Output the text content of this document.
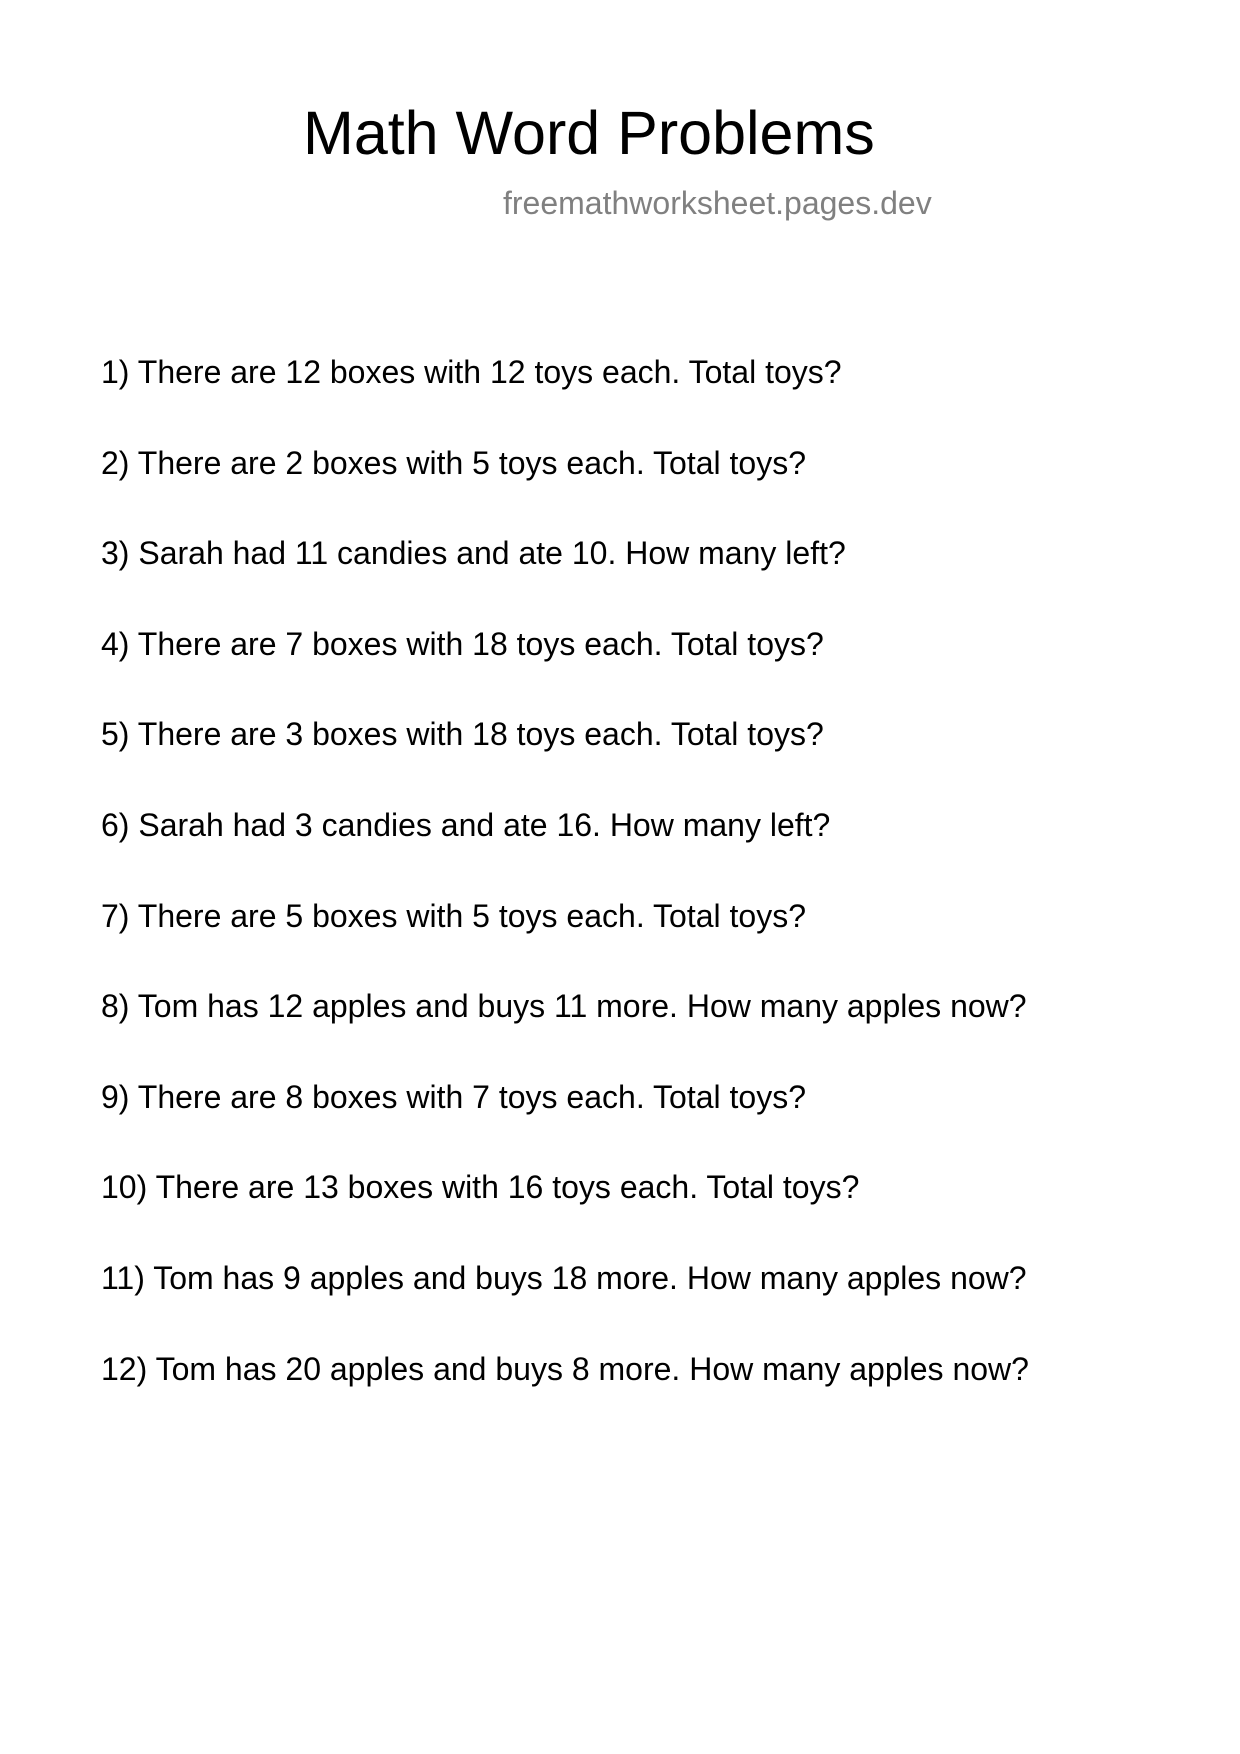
Math Word Problems
freemathworksheet.pages.dev
1) There are 12 boxes with 12 toys each. Total toys?
2) There are 2 boxes with 5 toys each. Total toys?
3) Sarah had 11 candies and ate 10. How many left?
4) There are 7 boxes with 18 toys each. Total toys?
5) There are 3 boxes with 18 toys each. Total toys?
6) Sarah had 3 candies and ate 16. How many left?
7) There are 5 boxes with 5 toys each. Total toys?
8) Tom has 12 apples and buys 11 more. How many apples now?
9) There are 8 boxes with 7 toys each. Total toys?
10) There are 13 boxes with 16 toys each. Total toys?
11) Tom has 9 apples and buys 18 more. How many apples now?
12) Tom has 20 apples and buys 8 more. How many apples now?
